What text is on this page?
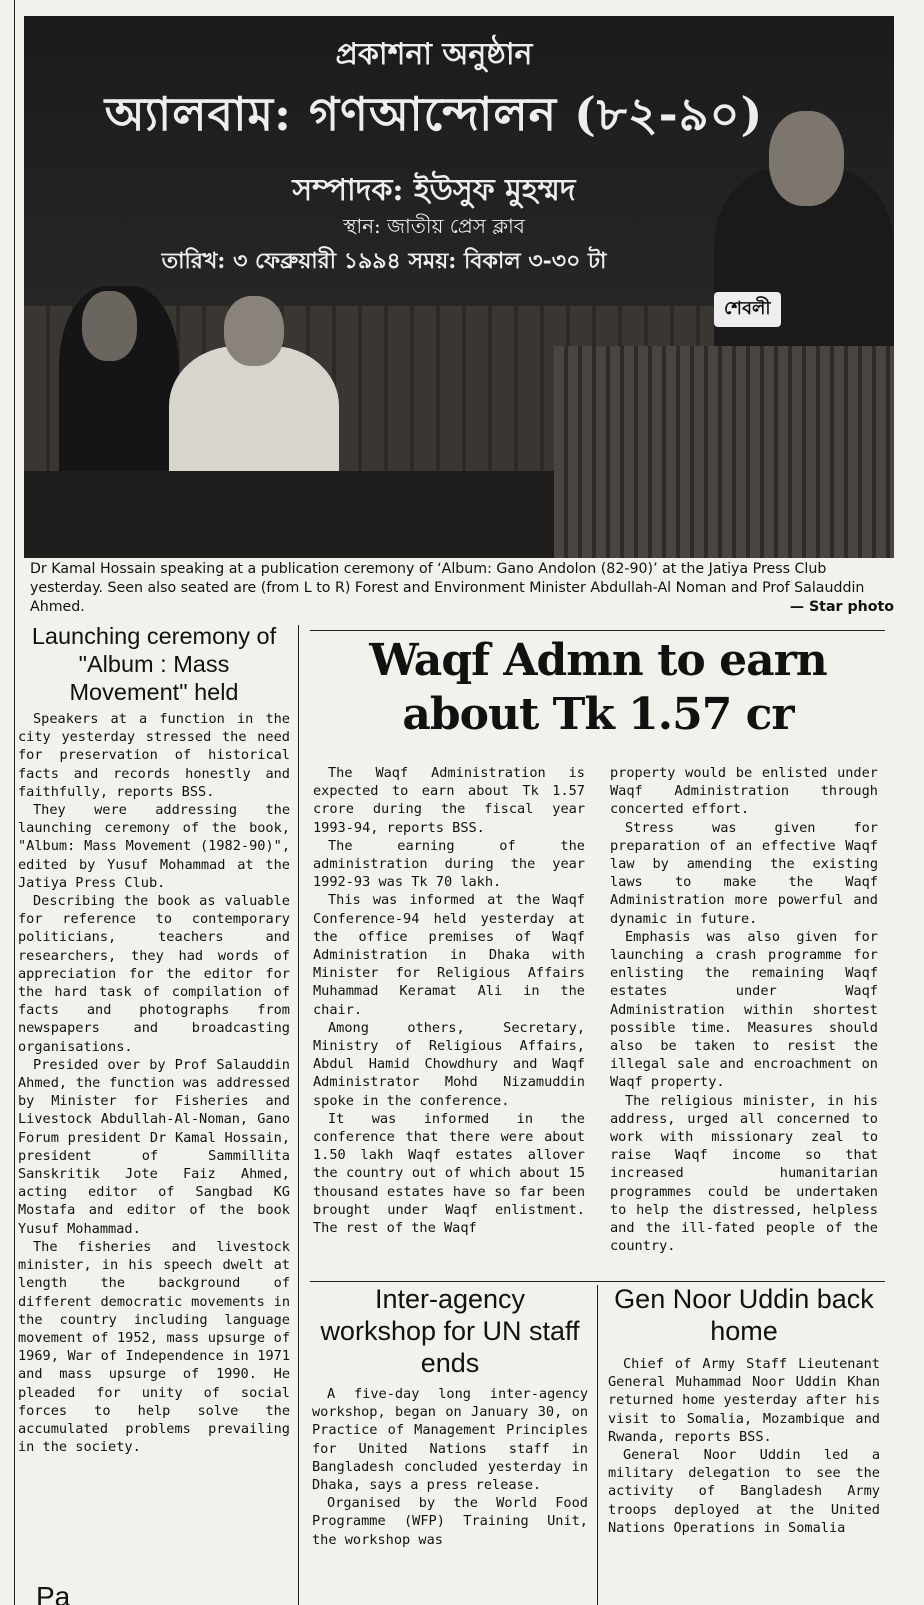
প্রকাশনা অনুষ্ঠান
অ্যালবাম: গণআন্দোলন (৮২-৯০)
সম্পাদক: ইউসুফ মুহম্মদ
স্থান: জাতীয় প্রেস ক্লাব
তারিখ: ৩ ফেব্রুয়ারী ১৯৯৪ সময়: বিকাল ৩-৩০ টা
শেবলী
Dr Kamal Hossain speaking at a publication ceremony of ‘Album: Gano Andolon (82-90)’ at the Jatiya Press Club yesterday. Seen also seated are (from L to R) Forest and Environment Minister Abdullah-Al Noman and Prof Salauddin Ahmed.	— Star photo
Launching ceremony of "Album : Mass Movement" held

Speakers at a function in the city yesterday stressed the need for preservation of historical facts and records honestly and faithfully, reports BSS.

They were addressing the launching ceremony of the book, "Album: Mass Movement (1982-90)", edited by Yusuf Mohammad at the Jatiya Press Club.

Describing the book as valuable for reference to contemporary politicians, teachers and researchers, they had words of appreciation for the editor for the hard task of compilation of facts and photographs from newspapers and broadcasting organisations.

Presided over by Prof Salauddin Ahmed, the function was addressed by Minister for Fisheries and Livestock Abdullah-Al-Noman, Gano Forum president Dr Kamal Hossain, president of Sammillita Sanskritik Jote Faiz Ahmed, acting editor of Sangbad KG Mostafa and editor of the book Yusuf Mohammad.

The fisheries and livestock minister, in his speech dwelt at length the background of different democratic movements in the country including language movement of 1952, mass upsurge of 1969, War of Independence in 1971 and mass upsurge of 1990. He pleaded for unity of social forces to help solve the accumulated problems prevailing in the society.

Pa
Waqf Admn to earn about Tk 1.57 cr

The Waqf Administration is expected to earn about Tk 1.57 crore during the fiscal year 1993-94, reports BSS.

The earning of the administration during the year 1992-93 was Tk 70 lakh.

This was informed at the Waqf Conference-94 held yesterday at the office premises of Waqf Administration in Dhaka with Minister for Religious Affairs Muhammad Keramat Ali in the chair.

Among others, Secretary, Ministry of Religious Affairs, Abdul Hamid Chowdhury and Waqf Administrator Mohd Nizamuddin spoke in the conference.

It was informed in the conference that there were about 1.50 lakh Waqf estates allover the country out of which about 15 thousand estates have so far been brought under Waqf enlistment. The rest of the Waqf

property would be enlisted under Waqf Administration through concerted effort.

Stress was given for preparation of an effective Waqf law by amending the existing laws to make the Waqf Administration more powerful and dynamic in future.

Emphasis was also given for launching a crash programme for enlisting the remaining Waqf estates under Waqf Administration within shortest possible time. Measures should also be taken to resist the illegal sale and encroachment on Waqf property.

The religious minister, in his address, urged all concerned to work with missionary zeal to raise Waqf income so that increased humanitarian programmes could be undertaken to help the distressed, helpless and the ill-fated people of the country.

Inter-agency workshop for UN staff ends

A five-day long inter-agency workshop, began on January 30, on Practice of Management Principles for United Nations staff in Bangladesh concluded yesterday in Dhaka, says a press release.

Organised by the World Food Programme (WFP) Training Unit, the workshop was

Gen Noor Uddin back home

Chief of Army Staff Lieutenant General Muhammad Noor Uddin Khan returned home yesterday after his visit to Somalia, Mozambique and Rwanda, reports BSS.

General Noor Uddin led a military delegation to see the activity of Bangladesh Army troops deployed at the United Nations Operations in Somalia
